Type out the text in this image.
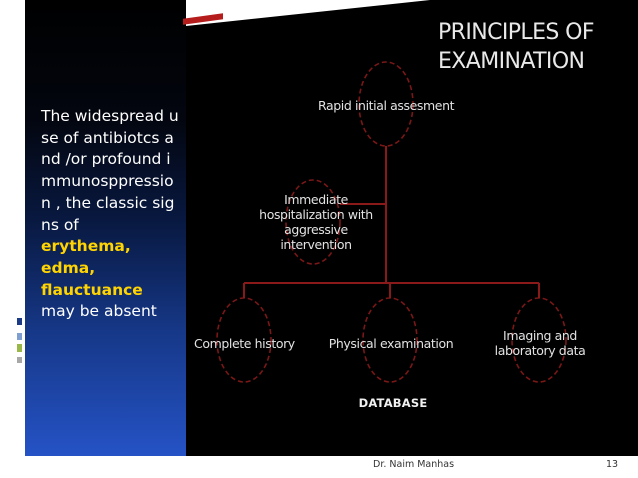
The widespread use of antibiotcs and /or profound immunosppression , the classic signs of
erythema,
edma,
flauctuance
may be absent
PRINCIPLES OF
EXAMINATION
Rapid initial assesment
Immediate
hospitalization with
aggressive
intervention
Complete history	Physical examination
Imaging and
laboratory data
DATABASE
Dr. Naim Manhas	13
